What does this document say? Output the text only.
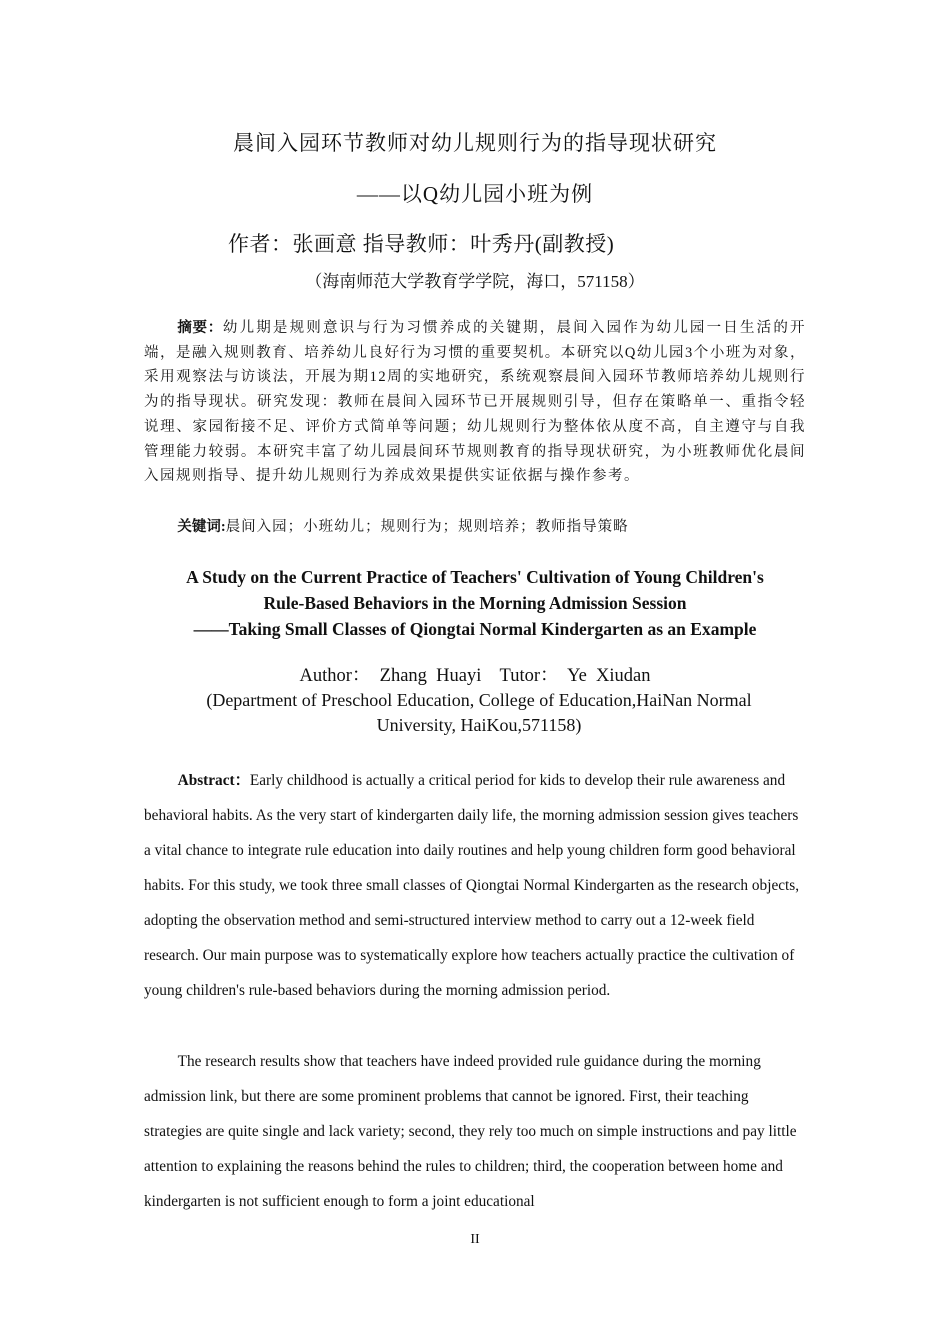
晨间入园环节教师对幼儿规则行为的指导现状研究

——以Q幼儿园小班为例

作者：张画意 指导教师：叶秀丹(副教授)

（海南师范大学教育学学院，海口，571158）

摘要：幼儿期是规则意识与行为习惯养成的关键期，晨间入园作为幼儿园一日生活的开端，是融入规则教育、培养幼儿良好行为习惯的重要契机。本研究以Q幼儿园3个小班为对象，采用观察法与访谈法，开展为期12周的实地研究，系统观察晨间入园环节教师培养幼儿规则行为的指导现状。研究发现：教师在晨间入园环节已开展规则引导，但存在策略单一、重指令轻说理、家园衔接不足、评价方式简单等问题；幼儿规则行为整体依从度不高，自主遵守与自我管理能力较弱。本研究丰富了幼儿园晨间环节规则教育的指导现状研究，为小班教师优化晨间入园规则指导、提升幼儿规则行为养成效果提供实证依据与操作参考。

关键词:晨间入园；小班幼儿；规则行为；规则培养；教师指导策略

A Study on the Current Practice of Teachers' Cultivation of Young Children's
Rule-Based Behaviors in the Morning Admission Session
——Taking Small Classes of Qiongtai Normal Kindergarten as an Example

Author：  Zhang  Huayi    Tutor：  Ye  Xiudan

(Department of Preschool Education, College of Education,HaiNan Normal University, HaiKou,571158)

Abstract：Early childhood is actually a critical period for kids to develop their rule awareness and behavioral habits. As the very start of kindergarten daily life, the morning admission session gives teachers a vital chance to integrate rule education into daily routines and help young children form good behavioral habits. For this study, we took three small classes of Qiongtai Normal Kindergarten as the research objects, adopting the observation method and semi-structured interview method to carry out a 12-week field research. Our main purpose was to systematically explore how teachers actually practice the cultivation of young children's rule-based behaviors during the morning admission period.

The research results show that teachers have indeed provided rule guidance during the morning admission link, but there are some prominent problems that cannot be ignored. First, their teaching strategies are quite single and lack variety; second, they rely too much on simple instructions and pay little attention to explaining the reasons behind the rules to children; third, the cooperation between home and kindergarten is not sufficient enough to form a joint educational

II
